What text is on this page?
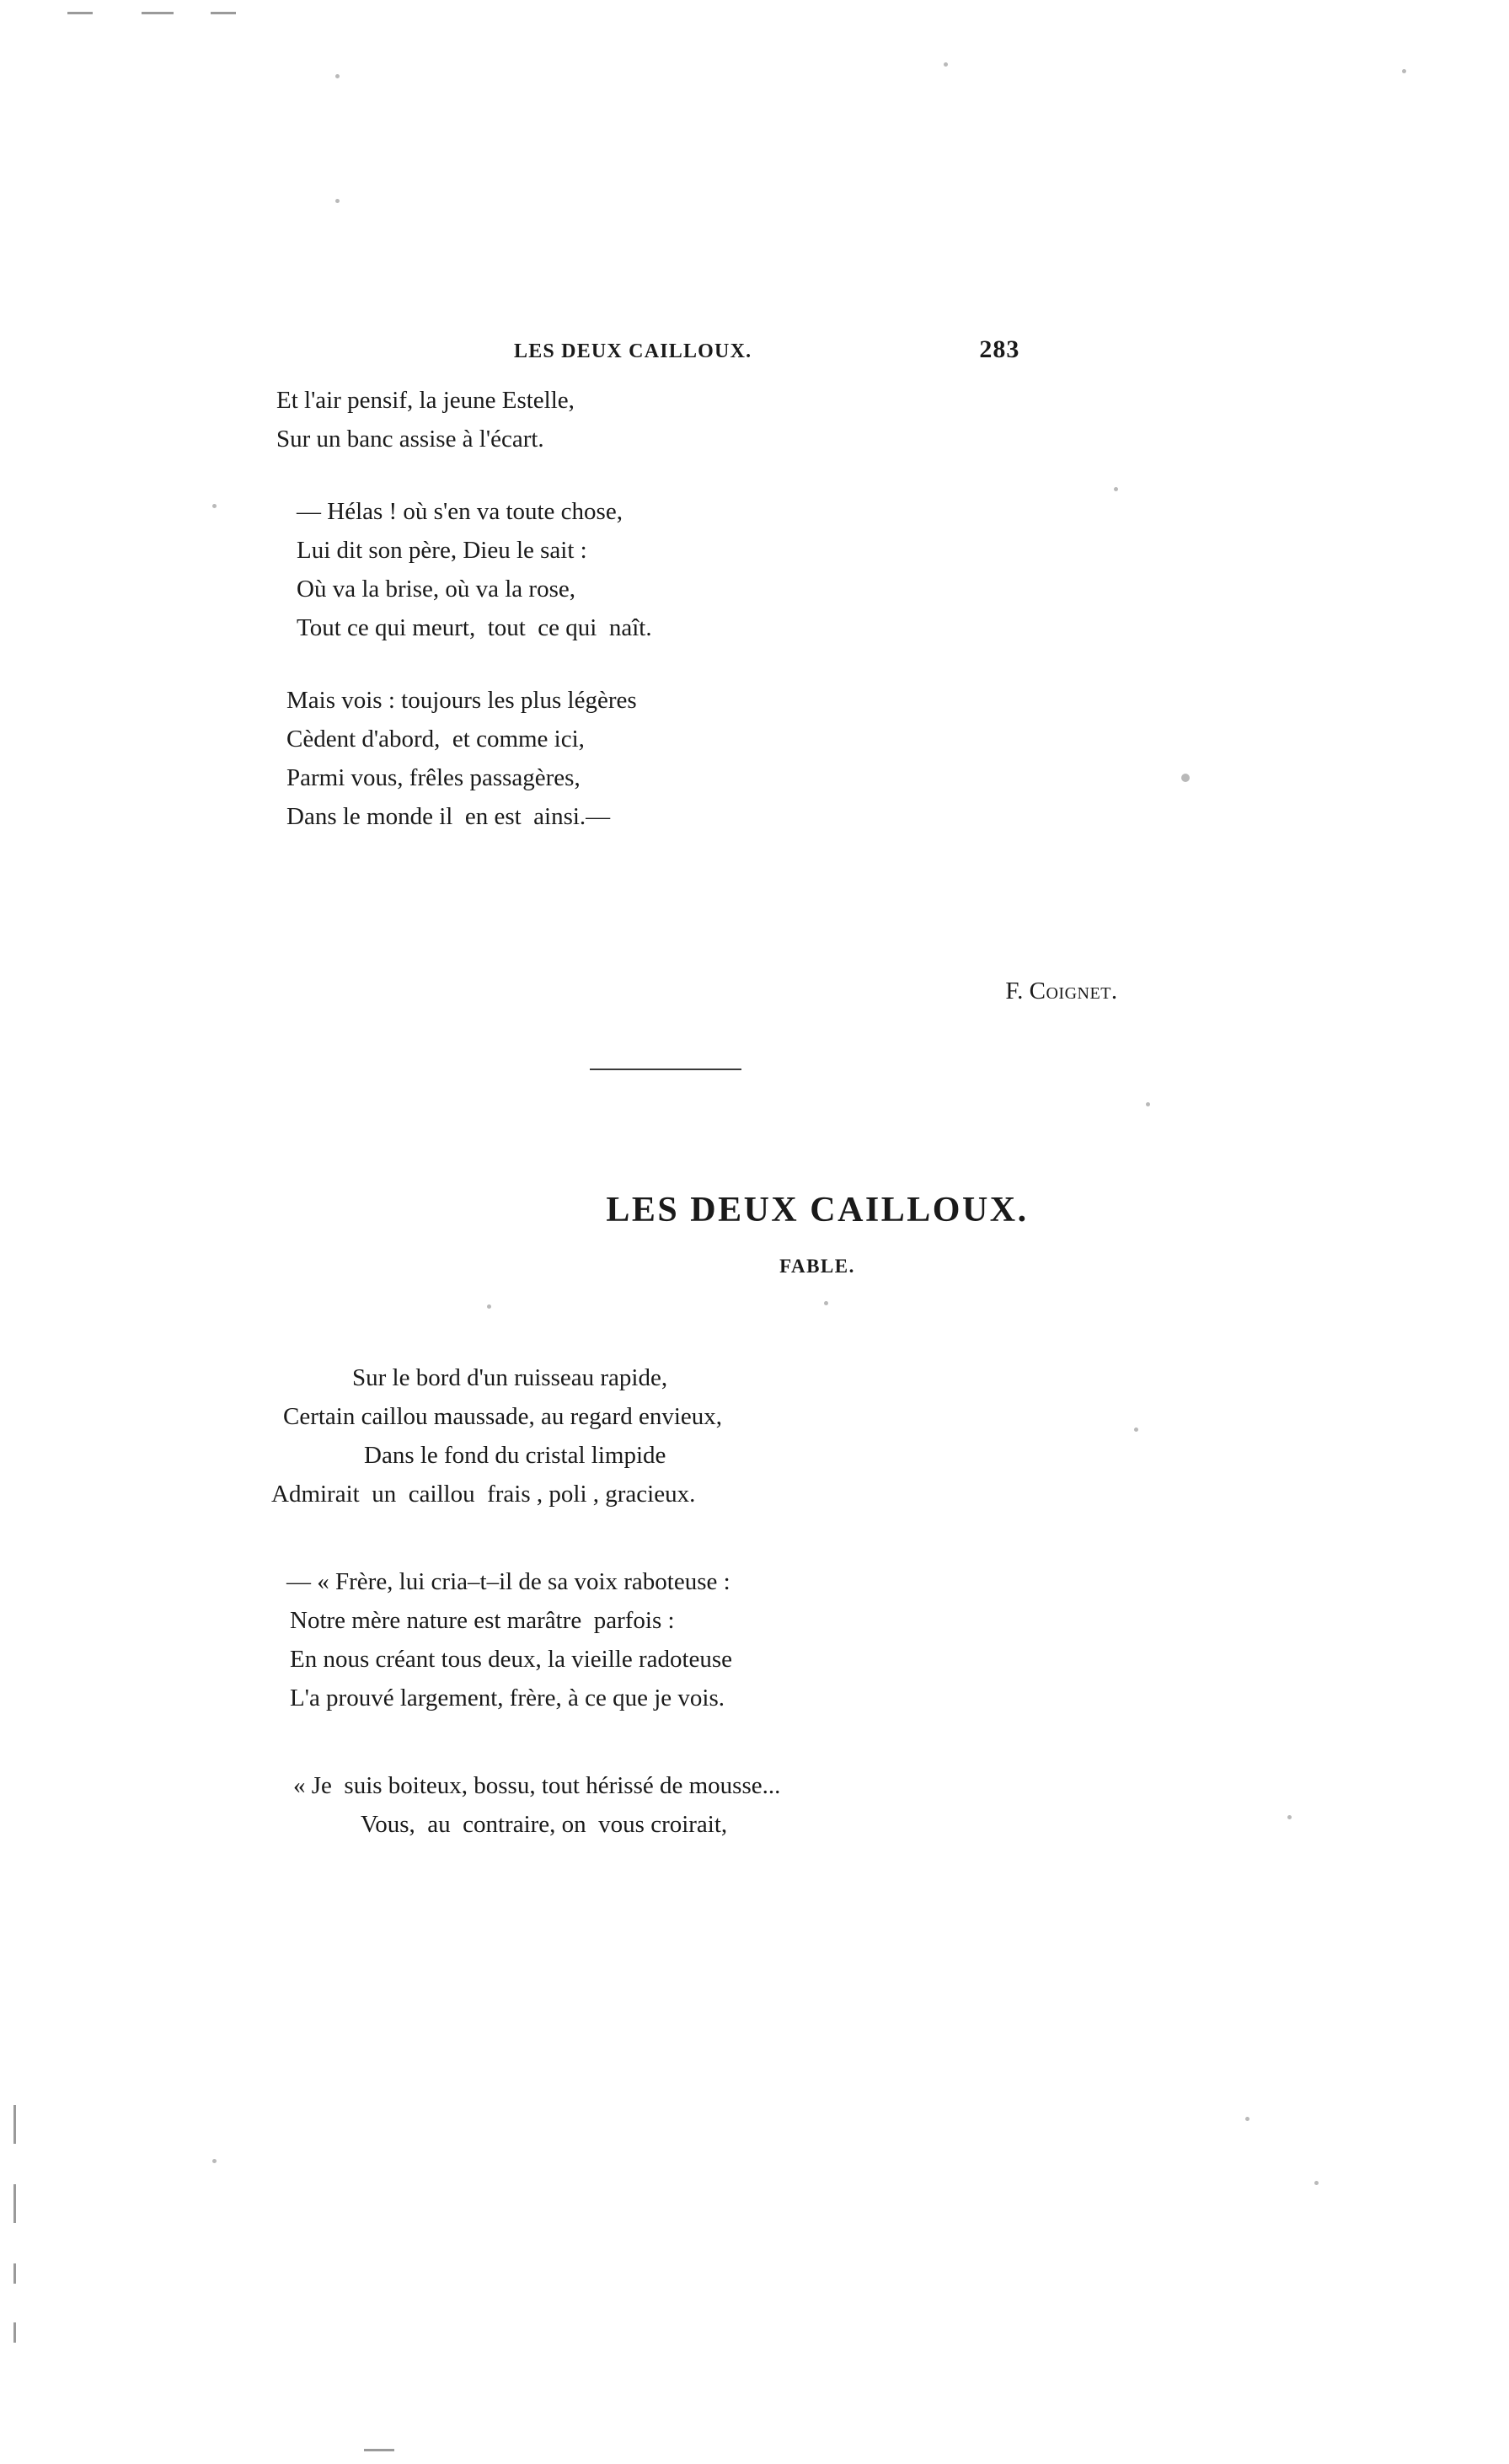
LES DEUX CAILLOUX.	283
Et l'air pensif, la jeune Estelle,
Sur un banc assise à l'écart.
— Hélas ! où s'en va toute chose,
Lui dit son père, Dieu le sait :
Où va la brise, où va la rose,
Tout ce qui meurt,  tout  ce qui  naît.
Mais vois : toujours les plus légères
Cèdent d'abord,  et comme ici,
Parmi vous, frêles passagères,
Dans le monde il  en est  ainsi.—
F. Coignet.
LES DEUX CAILLOUX.
FABLE.
Sur le bord d'un ruisseau rapide,
Certain caillou maussade, au regard envieux,
Dans le fond du cristal limpide
Admirait  un  caillou  frais , poli , gracieux.
— « Frère, lui cria–t–il de sa voix raboteuse :
Notre mère nature est marâtre  parfois :
En nous créant tous deux, la vieille radoteuse
L'a prouvé largement, frère, à ce que je vois.
« Je  suis boiteux, bossu, tout hérissé de mousse...
Vous,  au  contraire, on  vous croirait,
